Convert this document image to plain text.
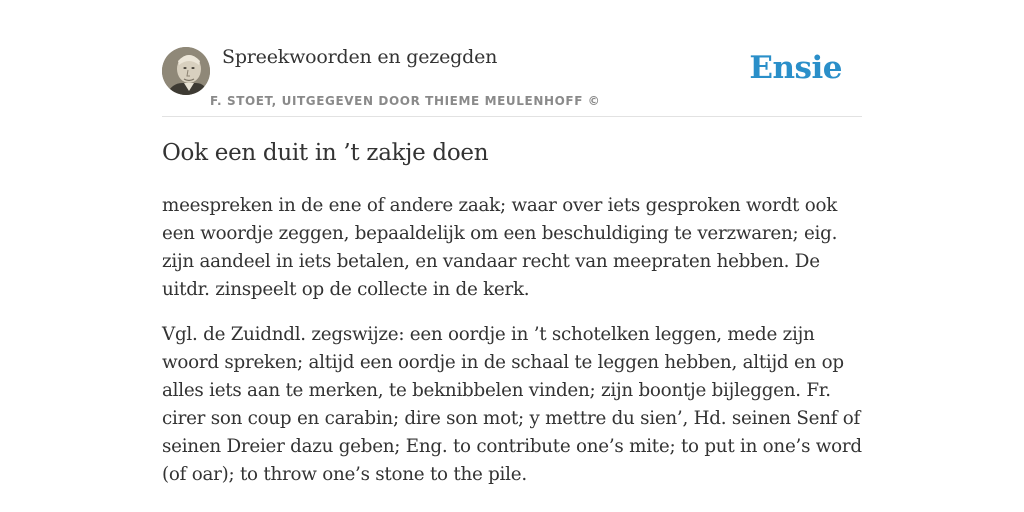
Spreekwoorden en gezegden
F. STOET, UITGEGEVEN DOOR THIEME MEULENHOFF ©
Ensie
Ook een duit in ’t zakje doen

meespreken in de ene of andere zaak; waar over iets gesproken wordt ook een woordje zeggen, bepaaldelijk om een beschuldiging te verzwaren; eig. zijn aandeel in iets betalen, en vandaar recht van meepraten hebben. De uitdr. zinspeelt op de collecte in de kerk.

Vgl. de Zuidndl. zegswijze: een oordje in ’t schotelken leggen, mede zijn woord spreken; altijd een oordje in de schaal te leggen hebben, altijd en op alles iets aan te merken, te beknibbelen vinden; zijn boontje bijleggen. Fr. cirer son coup en carabin; dire son mot; y mettre du sien’, Hd. seinen Senf of seinen Dreier dazu geben; Eng. to contribute one’s mite; to put in one’s word (of oar); to throw one’s stone to the pile.
